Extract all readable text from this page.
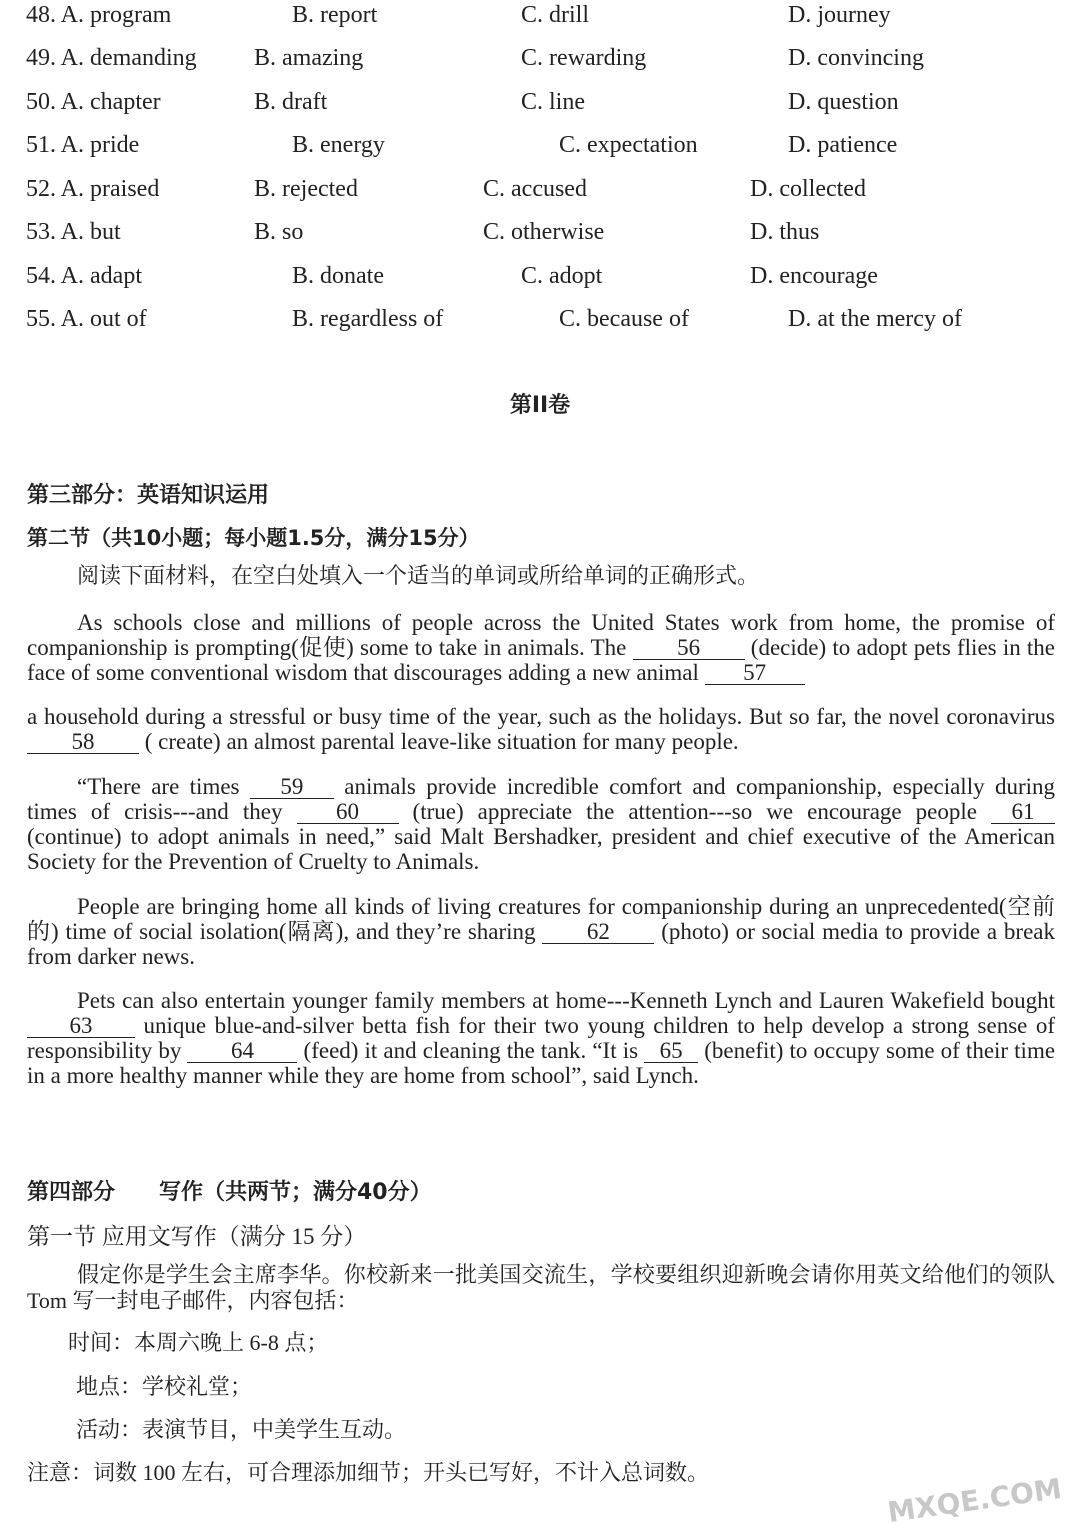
48. A. program	B. report	C. drill	D. journey
49. A. demanding B. amazing	C. rewarding	D. convincing
50. A. chapter	B. draft	C. line	D. question
51. A. pride	B. energy	C. expectation	D. patience
52. A. praised	B. rejected	C. accused	D. collected
53. A. but	B. so	C. otherwise	D. thus
54. A. adapt	B. donate	C. adopt	D. encourage
55. A. out of	B. regardless of	C. because of	D. at the mercy of
第II卷
第三部分：英语知识运用
第二节（共10小题；每小题1.5分，满分15分）
阅读下面材料，在空白处填入一个适当的单词或所给单词的正确形式。
As schools close and millions of people across the United States work from home, the promise of companionship is prompting(促使) some to take in animals. The 56 (decide) to adopt pets flies in the face of some conventional wisdom that discourages adding a new animal 57
a household during a stressful or busy time of the year, such as the holidays. But so far, the novel coronavirus 58 ( create) an almost parental leave-like situation for many people.
“There are times 59 animals provide incredible comfort and companionship, especially during times of crisis---and they 60 (true) appreciate the attention---so we encourage people 61 (continue) to adopt animals in need,” said Malt Bershadker, president and chief executive of the American Society for the Prevention of Cruelty to Animals.
People are bringing home all kinds of living creatures for companionship during an unprecedented(空前的) time of social isolation(隔离), and they’re sharing 62 (photo) or social media to provide a break from darker news.
Pets can also entertain younger family members at home---Kenneth Lynch and Lauren Wakefield bought 63 unique blue-and-silver betta fish for their two young children to help develop a strong sense of responsibility by 64 (feed) it and cleaning the tank. “It is 65 (benefit) to occupy some of their time in a more healthy manner while they are home from school”, said Lynch.
第四部分　　写作（共两节；满分40分）
第一节 应用文写作（满分 15 分）
假定你是学生会主席李华。你校新来一批美国交流生，学校要组织迎新晚会请你用英文给他们的领队 Tom 写一封电子邮件，内容包括：
时间：本周六晚上 6-8 点；
地点：学校礼堂；
活动：表演节目，中美学生互动。
注意：词数 100 左右，可合理添加细节；开头已写好，不计入总词数。	MXQE.COM
